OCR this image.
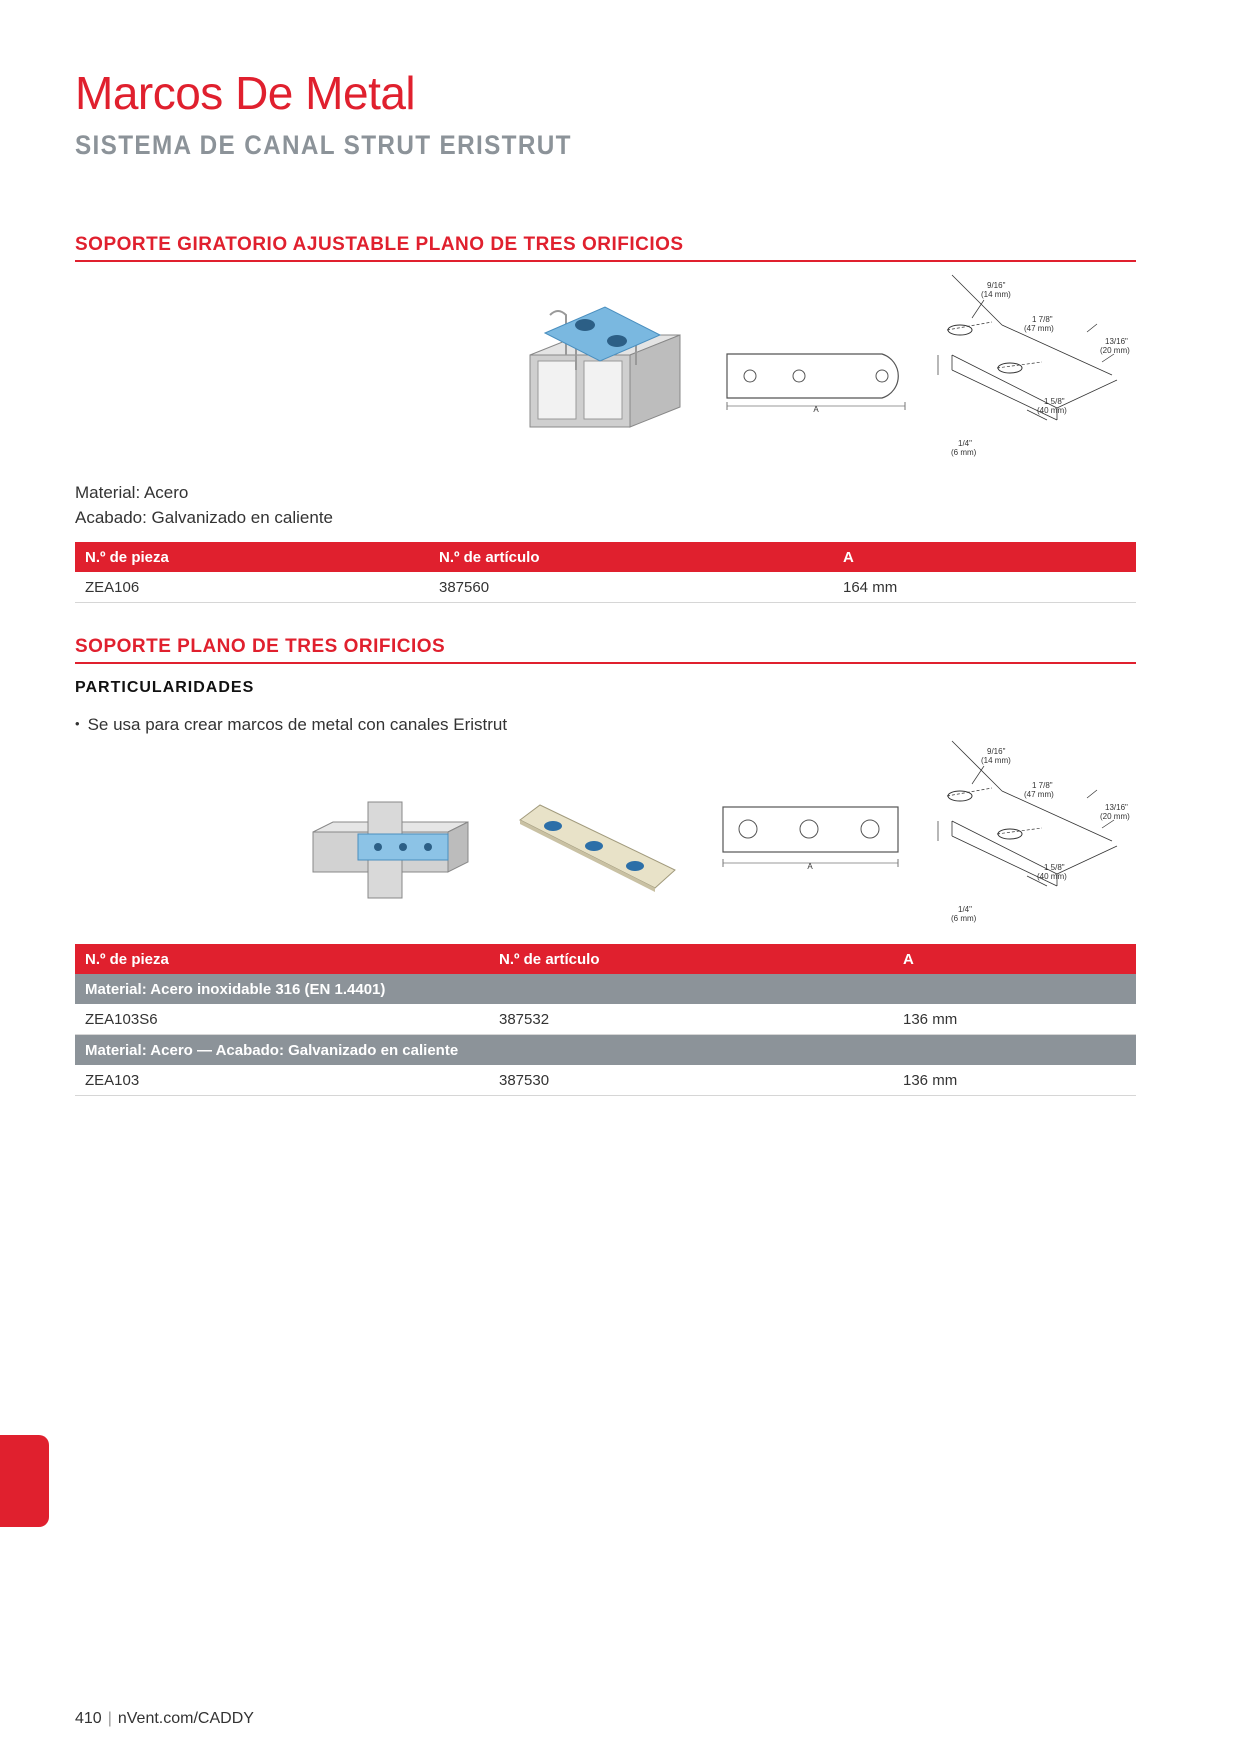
Marcos De Metal
SISTEMA DE CANAL STRUT ERISTRUT
SOPORTE GIRATORIO AJUSTABLE PLANO DE TRES ORIFICIOS
A
9/16"
(14 mm)
1 7/8"
(47 mm)
13/16"
(20 mm)
1 5/8"
(40 mm)
1/4"
(6 mm)
Material: Acero
Acabado: Galvanizado en caliente
N.º de pieza	N.º de artículo	A
ZEA106	387560	164 mm
SOPORTE PLANO DE TRES ORIFICIOS
PARTICULARIDADES
• Se usa para crear marcos de metal con canales Eristrut
A
9/16"
(14 mm)
1 7/8"
(47 mm)
13/16"
(20 mm)
1 5/8"
(40 mm)
1/4"
(6 mm)
N.º de pieza	N.º de artículo	A
Material: Acero inoxidable 316 (EN 1.4401)		
ZEA103S6	387532	136 mm
Material: Acero — Acabado: Galvanizado en caliente		
ZEA103	387530	136 mm
410 | nVent.com/CADDY
